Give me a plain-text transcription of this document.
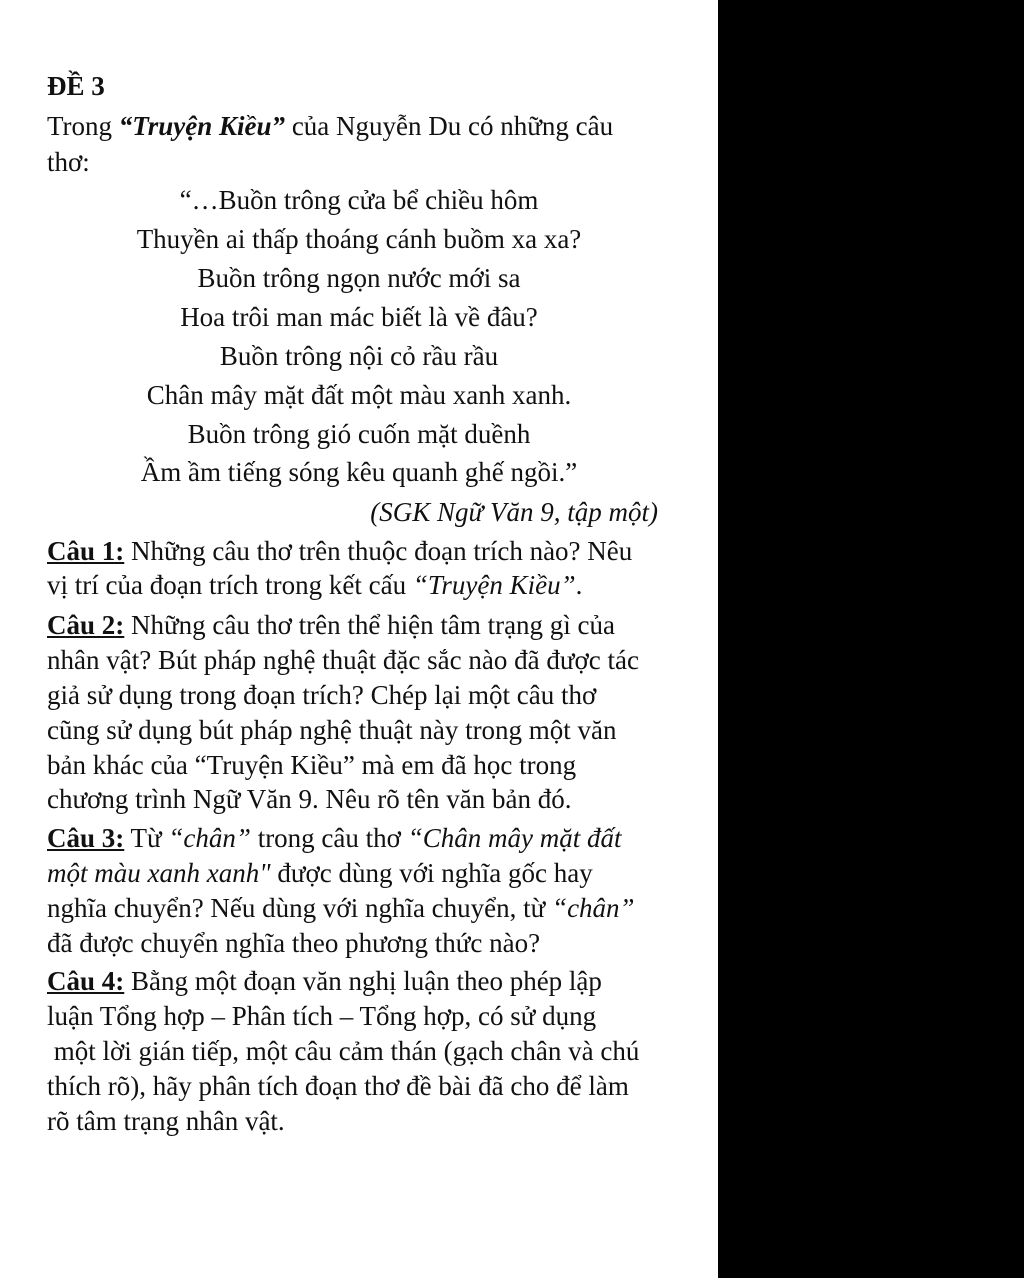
ĐỀ 3
Trong “Truyện Kiều” của Nguyễn Du có những câu
thơ:
“…Buồn trông cửa bể chiều hôm
Thuyền ai thấp thoáng cánh buồm xa xa?
Buồn trông ngọn nước mới sa
Hoa trôi man mác biết là về đâu?
Buồn trông nội cỏ rầu rầu
Chân mây mặt đất một màu xanh xanh.
Buồn trông gió cuốn mặt duềnh
Ầm ầm tiếng sóng kêu quanh ghế ngồi.”
(SGK Ngữ Văn 9, tập một)
Câu 1: Những câu thơ trên thuộc đoạn trích nào? Nêu
vị trí của đoạn trích trong kết cấu “Truyện Kiều”.
Câu 2: Những câu thơ trên thể hiện tâm trạng gì của
nhân vật? Bút pháp nghệ thuật đặc sắc nào đã được tác
giả sử dụng trong đoạn trích? Chép lại một câu thơ
cũng sử dụng bút pháp nghệ thuật này trong một văn
bản khác của “Truyện Kiều” mà em đã học trong
chương trình Ngữ Văn 9. Nêu rõ tên văn bản đó.
Câu 3: Từ “chân” trong câu thơ “Chân mây mặt đất
một màu xanh xanh" được dùng với nghĩa gốc hay
nghĩa chuyển? Nếu dùng với nghĩa chuyển, từ “chân”
đã được chuyển nghĩa theo phương thức nào?
Câu 4: Bằng một đoạn văn nghị luận theo phép lập
luận Tổng hợp – Phân tích – Tổng hợp, có sử dụng
một lời gián tiếp, một câu cảm thán (gạch chân và chú
thích rõ), hãy phân tích đoạn thơ đề bài đã cho để làm
rõ tâm trạng nhân vật.
